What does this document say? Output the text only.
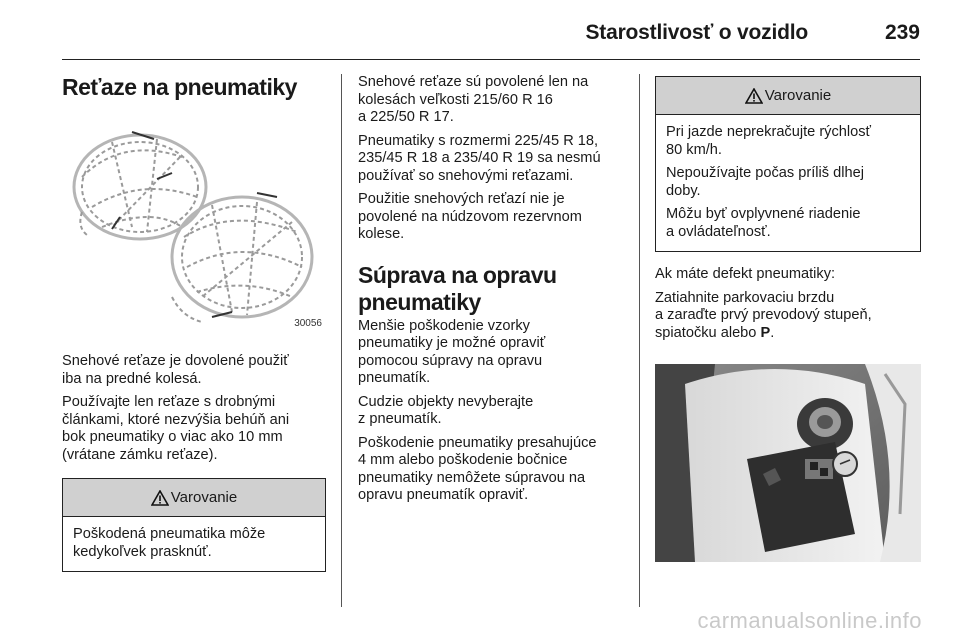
Starostlivosť o vozidlo	239
Reťaze na pneumatiky
30056
Snehové reťaze je dovolené použiť
iba na predné kolesá.
Používajte len reťaze s drobnými
článkami, ktoré nezvýšia behúň ani
bok pneumatiky o viac ako 10 mm
(vrátane zámku reťaze).
Varovanie
Poškodená pneumatika môže
kedykoľvek prasknúť.
Snehové reťaze sú povolené len na
kolesách veľkosti 215/60 R 16
a 225/50 R 17.
Pneumatiky s rozmermi 225/45 R 18,
235/45 R 18 a 235/40 R 19 sa nesmú
používať so snehovými reťazami.
Použitie snehových reťazí nie je
povolené na núdzovom rezervnom
kolese.
Súprava na opravu
pneumatiky
Menšie poškodenie vzorky
pneumatiky je možné opraviť
pomocou súpravy na opravu
pneumatík.
Cudzie objekty nevyberajte
z pneumatík.
Poškodenie pneumatiky presahujúce
4 mm alebo poškodenie bočnice
pneumatiky nemôžete súpravou na
opravu pneumatík opraviť.
Varovanie
Pri jazde neprekračujte rýchlosť
80 km/h.
Nepoužívajte počas príliš dlhej
doby.
Môžu byť ovplyvnené riadenie
a ovládateľnosť.
Ak máte defekt pneumatiky:
Zatiahnite parkovaciu brzdu
a zaraďte prvý prevodový stupeň,
spiatočku alebo P.
carmanualsonline.info
